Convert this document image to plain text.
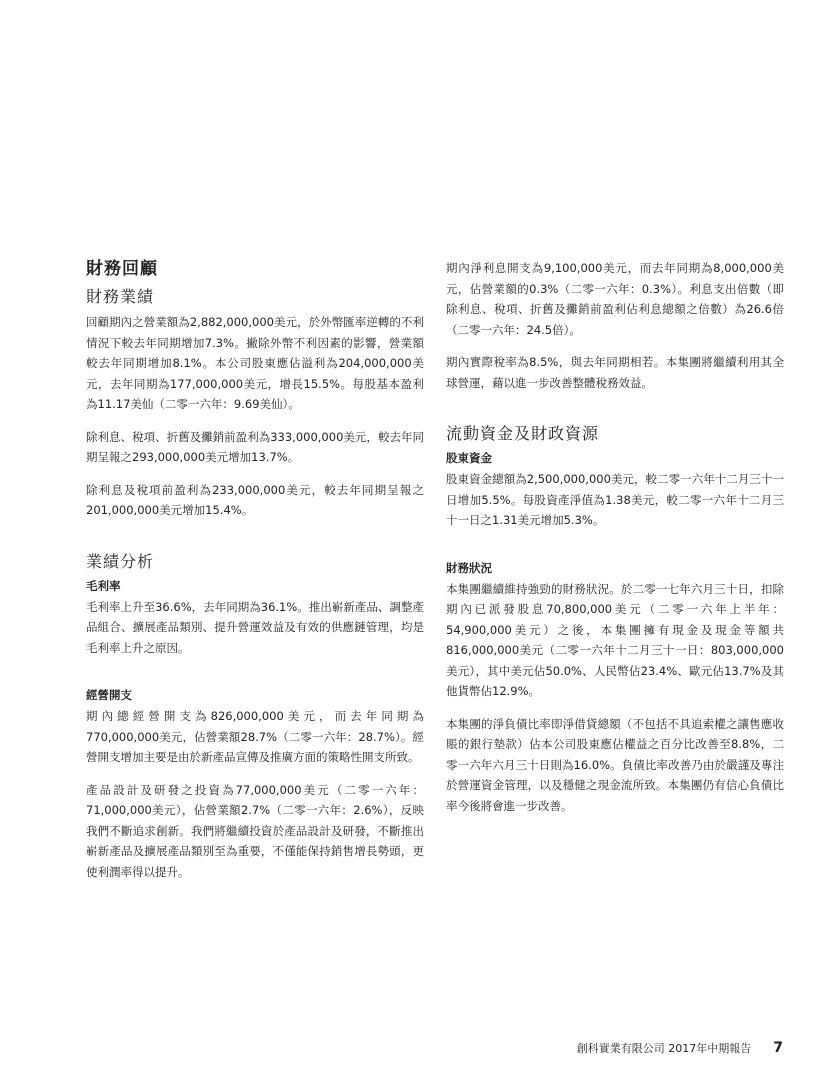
財務回顧
財務業績

回顧期內之營業額為2,882,000,000美元，於外幣匯率逆轉的不利情況下較去年同期增加7.3%。撇除外幣不利因素的影響，營業額較去年同期增加8.1%。本公司股東應佔溢利為204,000,000美元，去年同期為177,000,000美元，增長15.5%。每股基本盈利為11.17美仙（二零一六年：9.69美仙）。

除利息、稅項、折舊及攤銷前盈利為333,000,000美元，較去年同期呈報之293,000,000美元增加13.7%。

除利息及稅項前盈利為233,000,000美元，較去年同期呈報之201,000,000美元增加15.4%。

業績分析
毛利率

毛利率上升至36.6%，去年同期為36.1%。推出嶄新產品、調整產品組合、擴展產品類別、提升營運效益及有效的供應鏈管理，均是毛利率上升之原因。

經營開支

期內總經營開支為826,000,000美元，而去年同期為770,000,000美元，佔營業額28.7%（二零一六年：28.7%）。經營開支增加主要是由於新產品宣傳及推廣方面的策略性開支所致。

產品設計及研發之投資為77,000,000美元（二零一六年：71,000,000美元），佔營業額2.7%（二零一六年：2.6%），反映我們不斷追求創新。我們將繼續投資於產品設計及研發，不斷推出嶄新產品及擴展產品類別至為重要，不僅能保持銷售增長勢頭，更使利潤率得以提升。

期內淨利息開支為9,100,000美元，而去年同期為8,000,000美元，佔營業額的0.3%（二零一六年：0.3%）。利息支出倍數（即除利息、稅項、折舊及攤銷前盈利佔利息總額之倍數）為26.6倍（二零一六年：24.5倍）。

期內實際稅率為8.5%，與去年同期相若。本集團將繼續利用其全球營運，藉以進一步改善整體稅務效益。

流動資金及財政資源
股東資金

股東資金總額為2,500,000,000美元，較二零一六年十二月三十一日增加5.5%。每股資產淨值為1.38美元，較二零一六年十二月三十一日之1.31美元增加5.3%。

財務狀況

本集團繼續維持強勁的財務狀況。於二零一七年六月三十日，扣除期內已派發股息70,800,000美元（二零一六年上半年：54,900,000美元）之後，本集團擁有現金及現金等額共816,000,000美元（二零一六年十二月三十一日：803,000,000美元），其中美元佔50.0%、人民幣佔23.4%、歐元佔13.7%及其他貨幣佔12.9%。

本集團的淨負債比率即淨借貸總額（不包括不具追索權之讓售應收賬的銀行墊款）佔本公司股東應佔權益之百分比改善至8.8%，二零一六年六月三十日則為16.0%。負債比率改善乃由於嚴謹及專注於營運資金管理，以及穩健之現金流所致。本集團仍有信心負債比率今後將會進一步改善。

創科實業有限公司 2017年中期報告 7
